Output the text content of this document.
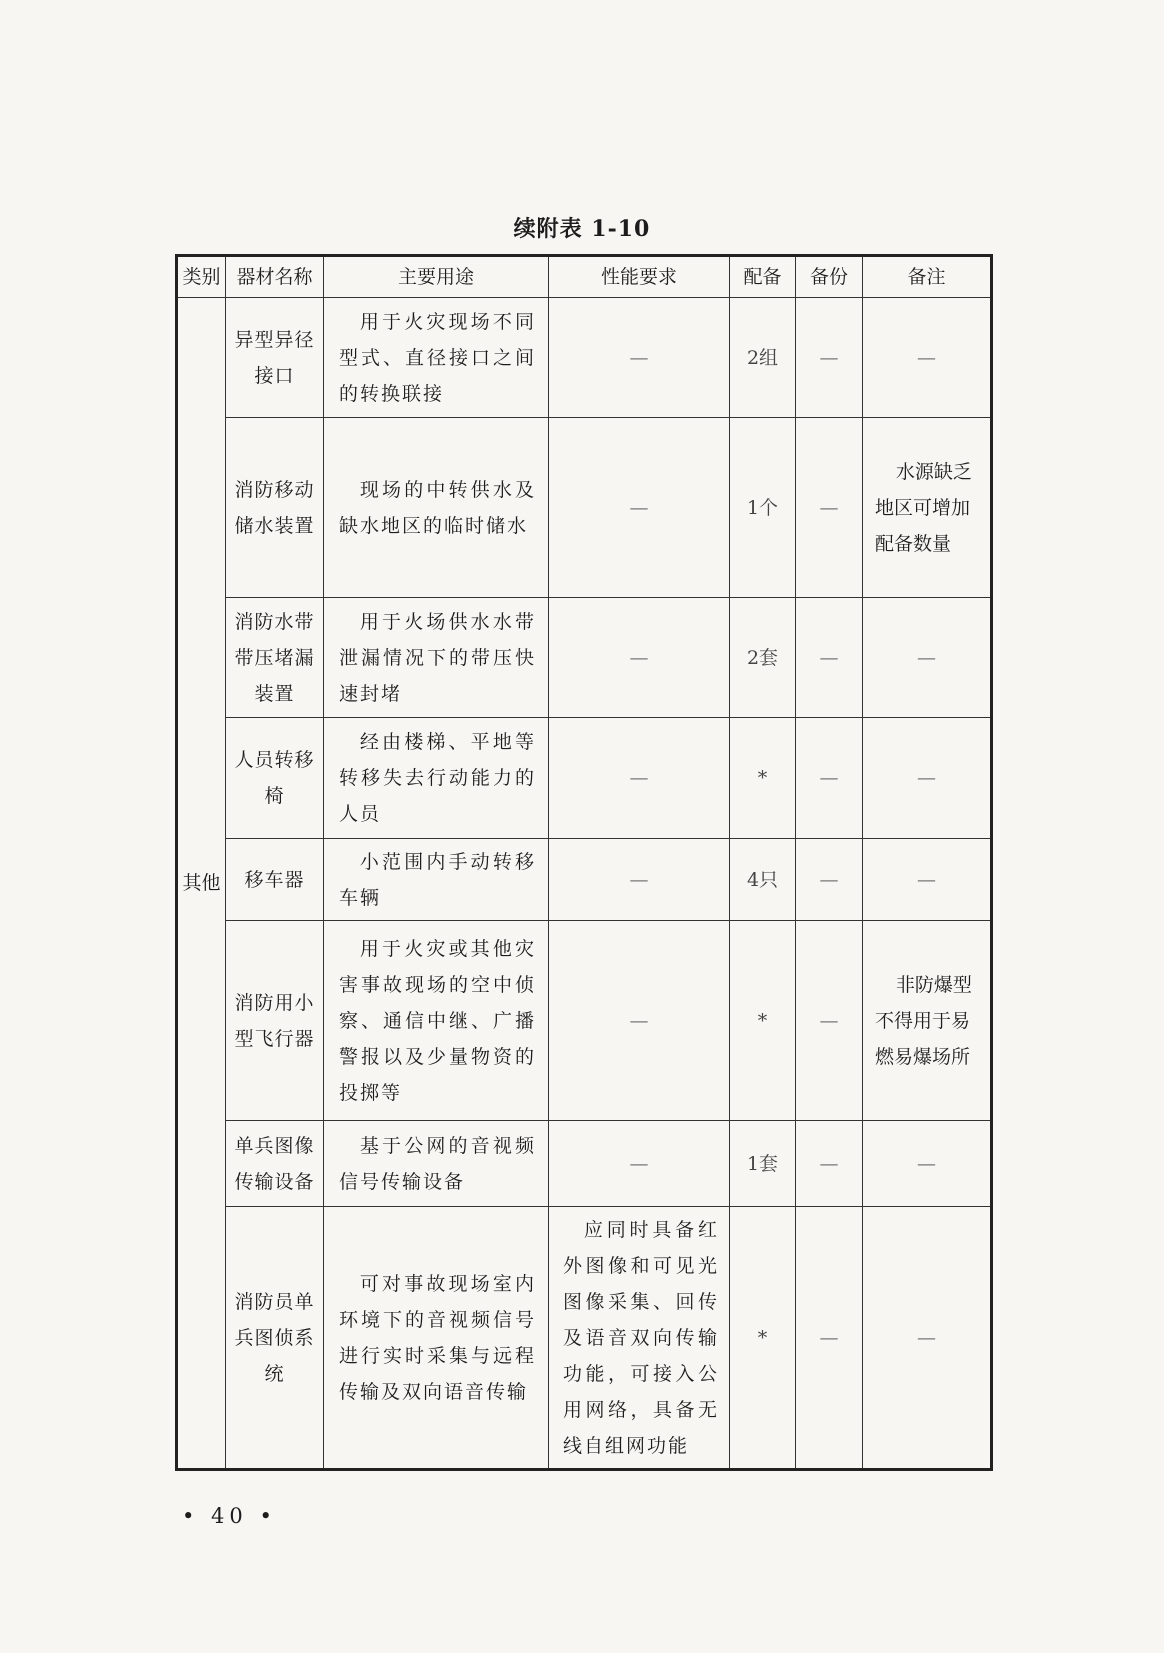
续附表 1-10
类别	器材名称	主要用途	性能要求	配备	备份	备注
其他	异型异径接口	用于火灾现场不同型式、直径接口之间的转换联接	—	2组	—	—
	消防移动储水装置	现场的中转供水及缺水地区的临时储水	—	1个	—	水源缺乏地区可增加配备数量

	消防水带带压堵漏装置	用于火场供水水带泄漏情况下的带压快速封堵	—	2套	—	—
	人员转移椅	经由楼梯、平地等转移失去行动能力的人员	—	*	—	—
	移车器	小范围内手动转移车辆	—	4只	—	—
	消防用小型飞行器	用于火灾或其他灾害事故现场的空中侦察、通信中继、广播警报以及少量物资的投掷等	—	*	—	非防爆型不得用于易燃易爆场所

	单兵图像传输设备	基于公网的音视频信号传输设备	—	1套	—	—
	消防员单兵图侦系统	可对事故现场室内环境下的音视频信号进行实时采集与远程传输及双向语音传输	应同时具备红外图像和可见光图像采集、回传及语音双向传输功能，可接入公用网络，具备无线自组网功能	*	—	—
• 40 •
